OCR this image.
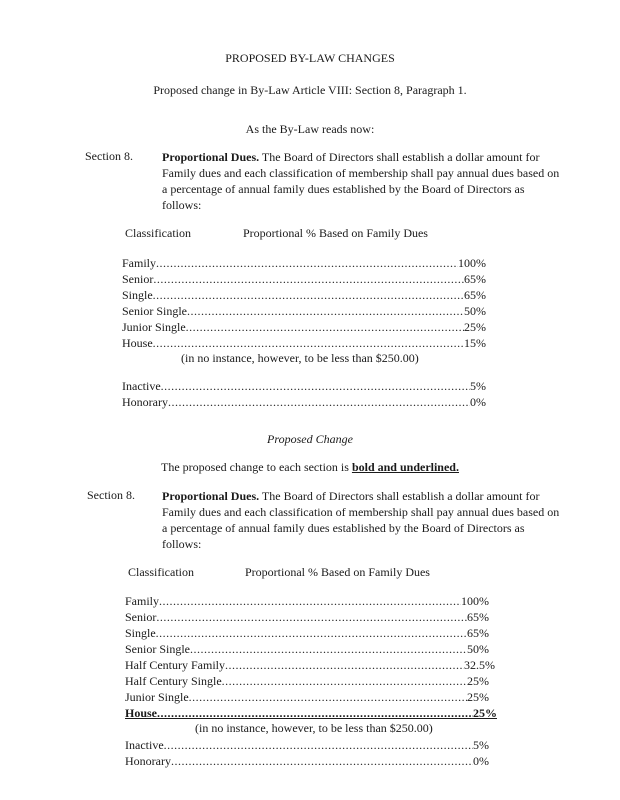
PROPOSED BY-LAW CHANGES
Proposed change in By-Law Article VIII: Section 8, Paragraph 1.
As the By-Law reads now:
Section 8. Proportional Dues. The Board of Directors shall establish a dollar amount for Family dues and each classification of membership shall pay annual dues based on a percentage of annual family dues established by the Board of Directors as follows:
Classification	Proportional % Based on Family Dues
Family .....	100%
Senior .....	65%
Single .....	65%
Senior Single .....	50%
Junior Single .....	25%
House .....	15%
(in no instance, however, to be less than $250.00)
Inactive .....	5%
Honorary .....	0%
Proposed Change
The proposed change to each section is bold and underlined.
Section 8. Proportional Dues. The Board of Directors shall establish a dollar amount for Family dues and each classification of membership shall pay annual dues based on a percentage of annual family dues established by the Board of Directors as follows:
Classification	Proportional % Based on Family Dues
Family .....	100%
Senior .....	65%
Single .....	65%
Senior Single .....	50%
Half Century Family .....	32.5%
Half Century Single .....	25%
Junior Single .....	25%
House .....	25%
(in no instance, however, to be less than $250.00)
Inactive .....	5%
Honorary .....	0%
